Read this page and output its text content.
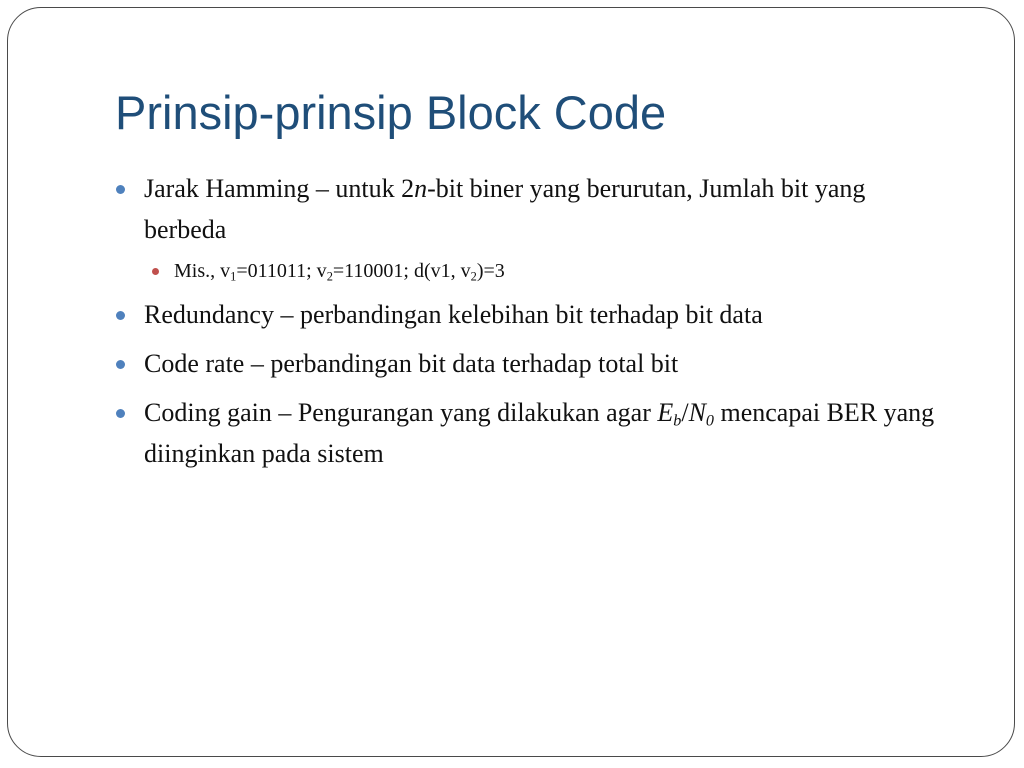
Prinsip-prinsip Block Code
Jarak Hamming – untuk 2n-bit biner yang berurutan, Jumlah bit yang berbeda
Mis., $v_1=011011$; $v_2=110001$; d(v1, $v_2)=3$
Redundancy – perbandingan kelebihan bit terhadap bit data
Code rate – perbandingan bit data terhadap total bit
Coding gain – Pengurangan yang dilakukan agar $E_b/N_0$ mencapai BER yang diinginkan pada sistem
